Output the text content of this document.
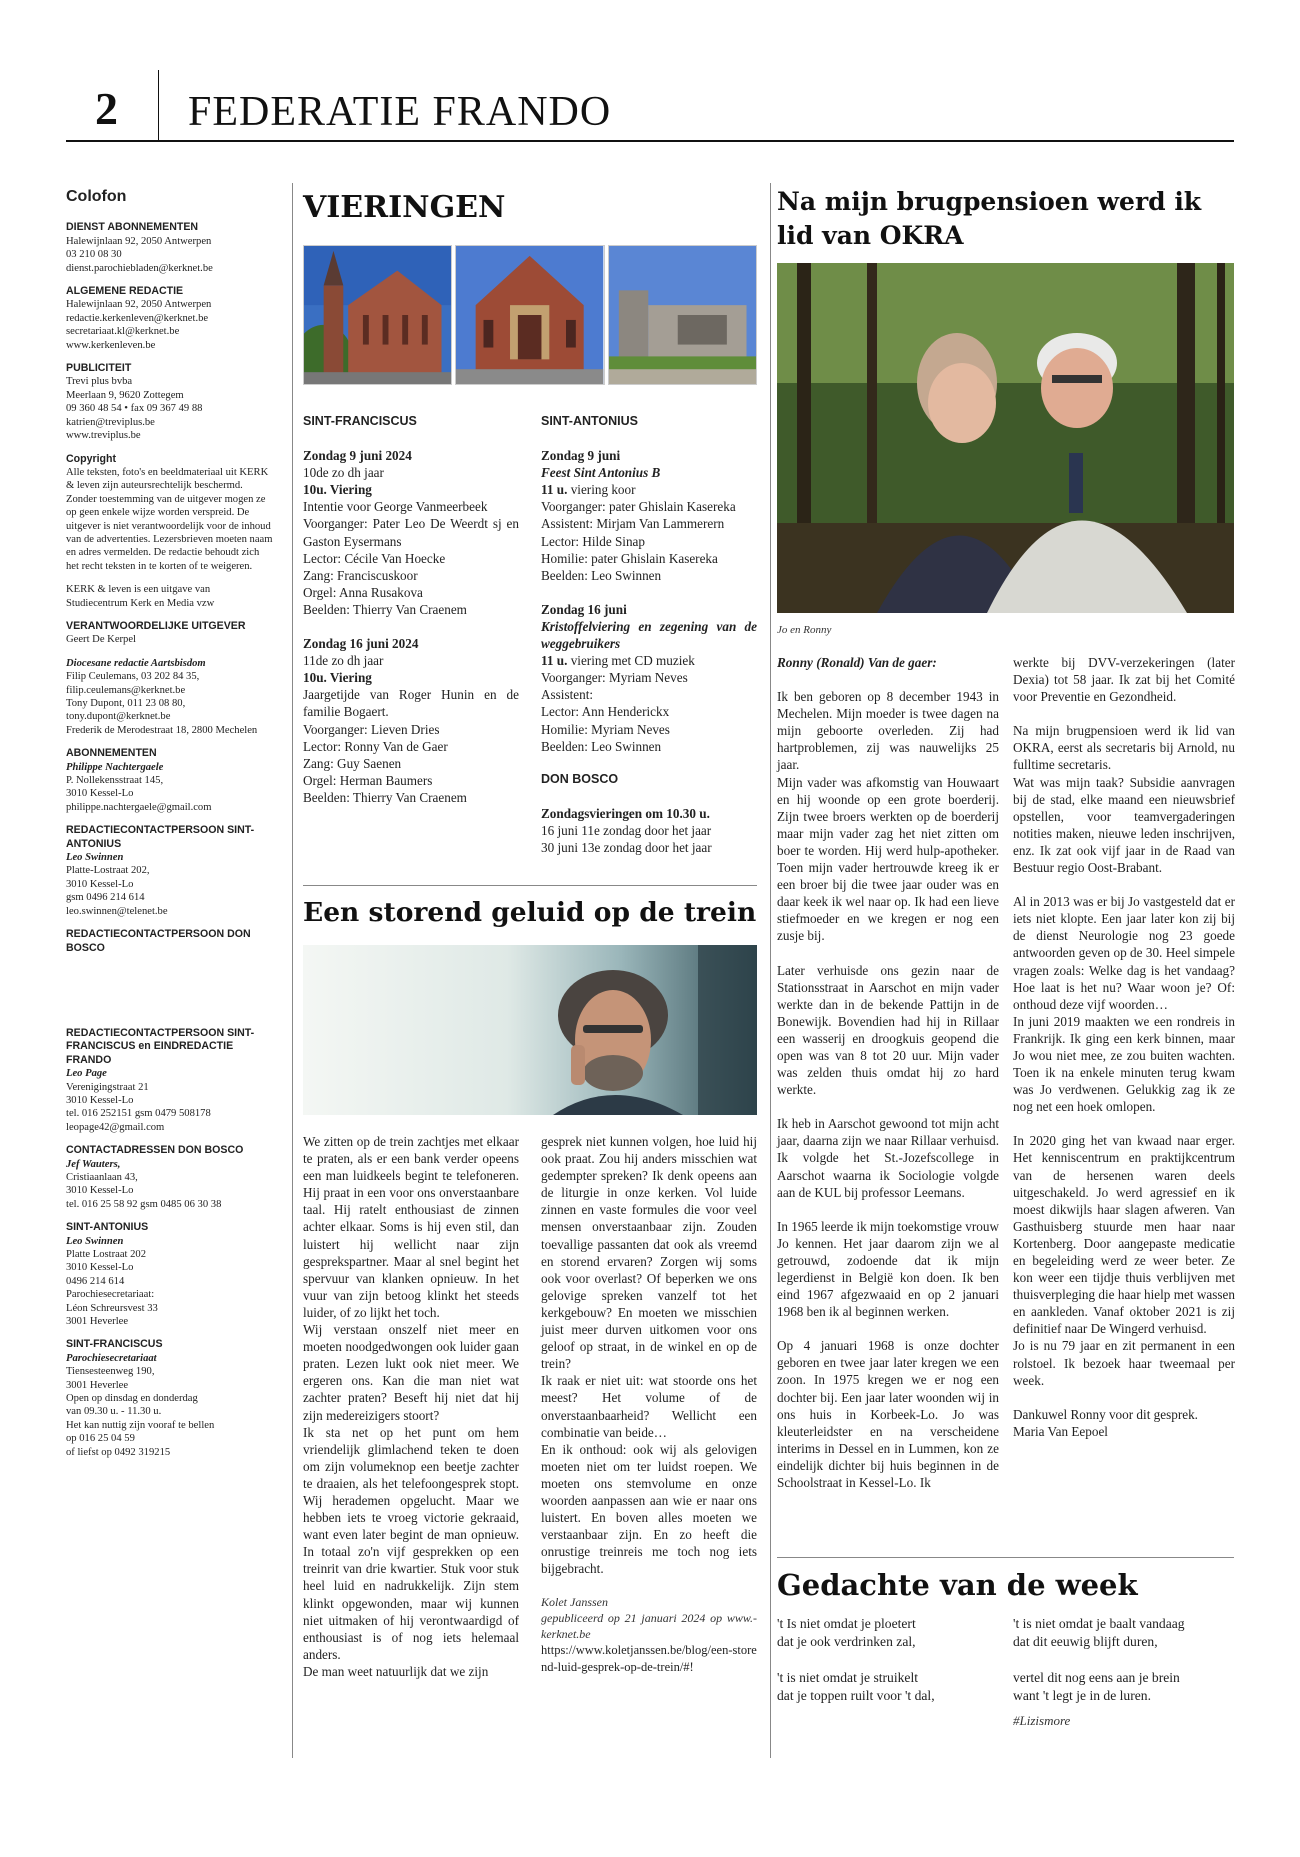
2 FEDERATIE FRANDO
Colofon
DIENST ABONNEMENTEN
Halewijnlaan 92, 2050 Antwerpen
03 210 08 30
dienst.parochiebladen@kerknet.be
ALGEMENE REDACTIE
Halewijnlaan 92, 2050 Antwerpen
redactie.kerkenleven@kerknet.be
secretariaat.kl@kerknet.be
www.kerkenleven.be
PUBLICITEIT
Trevi plus bvba
Meerlaan 9, 9620 Zottegem
09 360 48 54 • fax 09 367 49 88
katrien@treviplus.be
www.treviplus.be
Copyright
Alle teksten, foto's en beeldmateriaal uit KERK & leven zijn auteursrechtelijk beschermd. Zonder toestemming van de uitgever mogen ze op geen enkele wijze worden verspreid. De uitgever is niet verantwoordelijk voor de inhoud van de advertenties. Lezersbrieven moeten naam en adres vermelden. De redactie behoudt zich het recht teksten in te korten of te weigeren.
KERK & leven is een uitgave van Studiecentrum Kerk en Media vzw
VERANTWOORDELIJKE UITGEVER
Geert De Kerpel
Diocesane redactie Aartsbisdom
Filip Ceulemans, 03 202 84 35,
filip.ceulemans@kerknet.be
Tony Dupont, 011 23 08 80,
tony.dupont@kerknet.be
Frederik de Merodestraat 18, 2800 Mechelen
ABONNEMENTEN
Philippe Nachtergaele
P. Nollekensstraat 145,
3010 Kessel-Lo
philippe.nachtergaele@gmail.com
REDACTIECONTACTPERSOON SINT-ANTONIUS
Leo Swinnen
Platte-Lostraat 202,
3010 Kessel-Lo
gsm 0496 214 614
leo.swinnen@telenet.be
REDACTIECONTACTPERSOON DON BOSCO
REDACTIECONTACTPERSOON SINT-FRANCISCUS en EINDREDACTIE FRANDO
Leo Page
Verenigingstraat 21
3010 Kessel-Lo
tel. 016 252151 gsm 0479 508178
leopage42@gmail.com
CONTACTADRESSEN DON BOSCO
Jef Wauters,
Cristiaanlaan 43,
3010 Kessel-Lo
tel. 016 25 58 92 gsm 0485 06 30 38
SINT-ANTONIUS
Leo Swinnen
Platte Lostraat 202
3010 Kessel-Lo
0496 214 614
Parochiesecretariaat:
Léon Schreursvest 33
3001 Heverlee
SINT-FRANCISCUS
Parochiesecretariaat
Tiensesteenweg 190,
3001 Heverlee
Open op dinsdag en donderdag
van 09.30 u. - 11.30 u.
Het kan nuttig zijn vooraf te bellen
op 016 25 04 59
of liefst op 0492 319215
VIERINGEN
SINT-FRANCISCUS

Zondag 9 juni 2024

10de zo dh jaar

10u. Viering

Intentie voor George Vanmeerbeek

Voorganger: Pater Leo De Weerdt sj en Gaston Eysermans

Lector: Cécile Van Hoecke

Zang: Franciscuskoor

Orgel: Anna Rusakova

Beelden: Thierry Van Craenem

Zondag 16 juni 2024

11de zo dh jaar

10u. Viering

Jaargetijde van Roger Hunin en de familie Bogaert.

Voorganger: Lieven Dries

Lector: Ronny Van de Gaer

Zang: Guy Saenen

Orgel: Herman Baumers

Beelden: Thierry Van Craenem

SINT-ANTONIUS

Zondag 9 juni

Feest Sint Antonius B

11 u. viering koor

Voorganger: pater Ghislain Kasereka

Assistent: Mirjam Van Lammerern

Lector: Hilde Sinap

Homilie: pater Ghislain Kasereka

Beelden: Leo Swinnen

Zondag 16 juni

Kristoffelviering en zegening van de weggebruikers

11 u. viering met CD muziek

Voorganger: Myriam Neves

Assistent:

Lector: Ann Henderickx

Homilie: Myriam Neves

Beelden: Leo Swinnen

DON BOSCO

Zondagsvieringen om 10.30 u.

16 juni 11e zondag door het jaar

30 juni 13e zondag door het jaar

Een storend geluid op de trein

We zitten op de trein zachtjes met elkaar te praten, als er een bank verder opeens een man luidkeels begint te telefoneren. Hij praat in een voor ons onverstaanbare taal. Hij ratelt enthousiast de zinnen achter elkaar. Soms is hij even stil, dan luistert hij wellicht naar zijn gesprekspartner. Maar al snel begint het spervuur van klanken opnieuw. In het vuur van zijn betoog klinkt het steeds luider, of zo lijkt het toch.

Wij verstaan onszelf niet meer en moeten noodgedwongen ook luider gaan praten. Lezen lukt ook niet meer. We ergeren ons. Kan die man niet wat zachter praten? Beseft hij niet dat hij zijn medereizigers stoort?

Ik sta net op het punt om hem vriendelijk glimlachend teken te doen om zijn volumeknop een beetje zachter te draaien, als het telefoongesprek stopt. Wij herademen opgelucht. Maar we hebben iets te vroeg victorie gekraaid, want even later begint de man opnieuw. In totaal zo'n vijf gesprekken op een treinrit van drie kwartier. Stuk voor stuk heel luid en nadrukkelijk. Zijn stem klinkt opgewonden, maar wij kunnen niet uitmaken of hij verontwaardigd of enthousiast is of nog iets helemaal anders.

De man weet natuurlijk dat we zijn

gesprek niet kunnen volgen, hoe luid hij ook praat. Zou hij anders misschien wat gedempter spreken? Ik denk opeens aan de liturgie in onze kerken. Vol luide zinnen en vaste formules die voor veel mensen onverstaanbaar zijn. Zouden toevallige passanten dat ook als vreemd en storend ervaren? Zorgen wij soms ook voor overlast? Of beperken we ons gelovige spreken vanzelf tot het kerkgebouw? En moeten we misschien juist meer durven uitkomen voor ons geloof op straat, in de winkel en op de trein?

Ik raak er niet uit: wat stoorde ons het meest? Het volume of de onverstaanbaarheid? Wellicht een combinatie van beide…

En ik onthoud: ook wij als gelovigen moeten niet om ter luidst roepen. We moeten ons stemvolume en onze woorden aanpassen aan wie er naar ons luistert. En boven alles moeten we verstaanbaar zijn. En zo heeft die onrustige treinreis me toch nog iets bijgebracht.

Kolet Janssen
gepubliceerd op 21 januari 2024 op www.-kerknet.be
https://www.koletjanssen.be/blog/een-storend-luid-gesprek-op-de-trein/#!
Na mijn brugpensioen werd ik lid van OKRA
Jo en Ronny

Ronny (Ronald) Van de gaer:

Ik ben geboren op 8 december 1943 in Mechelen. Mijn moeder is twee dagen na mijn geboorte overleden. Zij had hartproblemen, zij was nauwelijks 25 jaar.

Mijn vader was afkomstig van Houwaart en hij woonde op een grote boerderij. Zijn twee broers werkten op de boerderij maar mijn vader zag het niet zitten om boer te worden. Hij werd hulp-apotheker. Toen mijn vader hertrouwde kreeg ik er een broer bij die twee jaar ouder was en daar keek ik wel naar op. Ik had een lieve stiefmoeder en we kregen er nog een zusje bij.

Later verhuisde ons gezin naar de Stationsstraat in Aarschot en mijn vader werkte dan in de bekende Pattijn in de Bonewijk. Bovendien had hij in Rillaar een wasserij en droogkuis geopend die open was van 8 tot 20 uur. Mijn vader was zelden thuis omdat hij zo hard werkte.

Ik heb in Aarschot gewoond tot mijn acht jaar, daarna zijn we naar Rillaar verhuisd. Ik volgde het St.-Jozefscollege in Aarschot waarna ik Sociologie volgde aan de KUL bij professor Leemans.

In 1965 leerde ik mijn toekomstige vrouw Jo kennen. Het jaar daarom zijn we al getrouwd, zodoende dat ik mijn legerdienst in België kon doen. Ik ben eind 1967 afgezwaaid en op 2 januari 1968 ben ik al beginnen werken.

Op 4 januari 1968 is onze dochter geboren en twee jaar later kregen we een zoon. In 1975 kregen we er nog een dochter bij. Een jaar later woonden wij in ons huis in Korbeek-Lo. Jo was kleuterleidster en na verscheidene interims in Dessel en in Lummen, kon ze eindelijk dichter bij huis beginnen in de Schoolstraat in Kessel-Lo. Ik

werkte bij DVV-verzekeringen (later Dexia) tot 58 jaar. Ik zat bij het Comité voor Preventie en Gezondheid.

Na mijn brugpensioen werd ik lid van OKRA, eerst als secretaris bij Arnold, nu fulltime secretaris.

Wat was mijn taak? Subsidie aanvragen bij de stad, elke maand een nieuwsbrief opstellen, voor teamvergaderingen notities maken, nieuwe leden inschrijven, enz. Ik zat ook vijf jaar in de Raad van Bestuur regio Oost-Brabant.

Al in 2013 was er bij Jo vastgesteld dat er iets niet klopte. Een jaar later kon zij bij de dienst Neurologie nog 23 goede antwoorden geven op de 30. Heel simpele vragen zoals: Welke dag is het vandaag? Hoe laat is het nu? Waar woon je? Of: onthoud deze vijf woorden…

In juni 2019 maakten we een rondreis in Frankrijk. Ik ging een kerk binnen, maar Jo wou niet mee, ze zou buiten wachten. Toen ik na enkele minuten terug kwam was Jo verdwenen. Gelukkig zag ik ze nog net een hoek omlopen.

In 2020 ging het van kwaad naar erger. Het kenniscentrum en praktijkcentrum van de hersenen waren deels uitgeschakeld. Jo werd agressief en ik moest dikwijls haar slagen afweren. Van Gasthuisberg stuurde men haar naar Kortenberg. Door aangepaste medicatie en begeleiding werd ze weer beter. Ze kon weer een tijdje thuis verblijven met thuisverpleging die haar hielp met wassen en aankleden. Vanaf oktober 2021 is zij definitief naar De Wingerd verhuisd.

Jo is nu 79 jaar en zit permanent in een rolstoel. Ik bezoek haar tweemaal per week.

Dankuwel Ronny voor dit gesprek.

Maria Van Eepoel

Gedachte van de week
't Is niet omdat je ploetert
dat je ook verdrinken zal,
't is niet omdat je struikelt
dat je toppen ruilt voor 't dal,
't is niet omdat je baalt vandaag
dat dit eeuwig blijft duren,
vertel dit nog eens aan je brein
want 't legt je in de luren.
#Lizismore
